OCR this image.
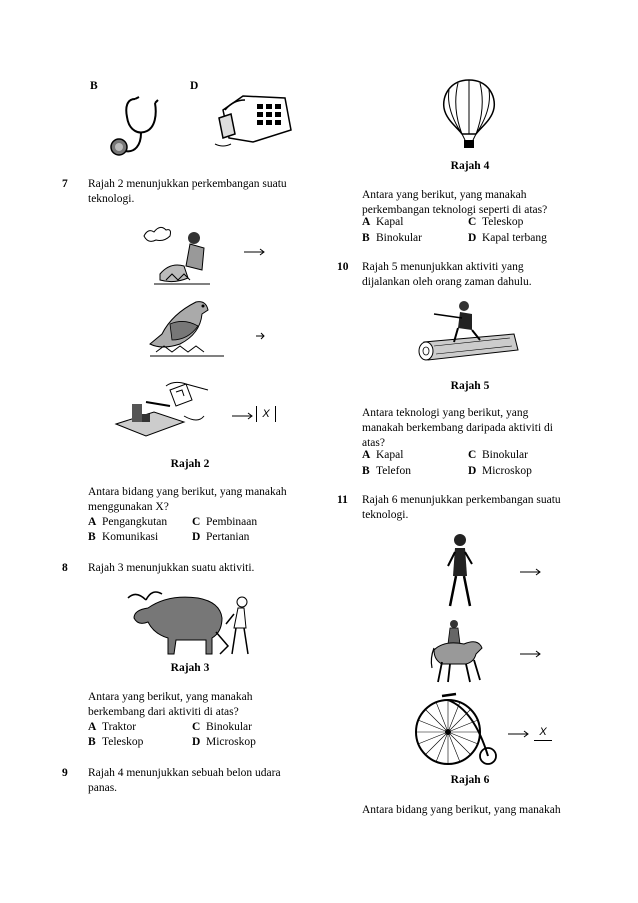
B	D
7 Rajah 2 menunjukkan perkembangan suatu teknologi.
X
Rajah 2
Antara bidang yang berikut, yang manakah menggunakan X?
A Pengangkutan C Pembinaan
B Komunikasi	D Pertanian
8 Rajah 3 menunjukkan suatu aktiviti.
Rajah 3
Antara yang berikut, yang manakah berkembang dari aktiviti di atas?
A Traktor	C Binokular
B Teleskop	D Microskop
9 Rajah 4 menunjukkan sebuah belon udara panas.
Rajah 4
Antara yang berikut, yang manakah perkembangan teknologi seperti di atas?
A Kapal	C Teleskop
B Binokular	D Kapal terbang
10 Rajah 5 menunjukkan aktiviti yang dijalankan oleh orang zaman dahulu.
Rajah 5
Antara teknologi yang berikut, yang manakah berkembang daripada aktiviti di atas?
A Kapal	C Binokular
B Telefon	D Microskop
11 Rajah 6 menunjukkan perkembangan suatu teknologi.
X
Rajah 6
Antara bidang yang berikut, yang manakah
